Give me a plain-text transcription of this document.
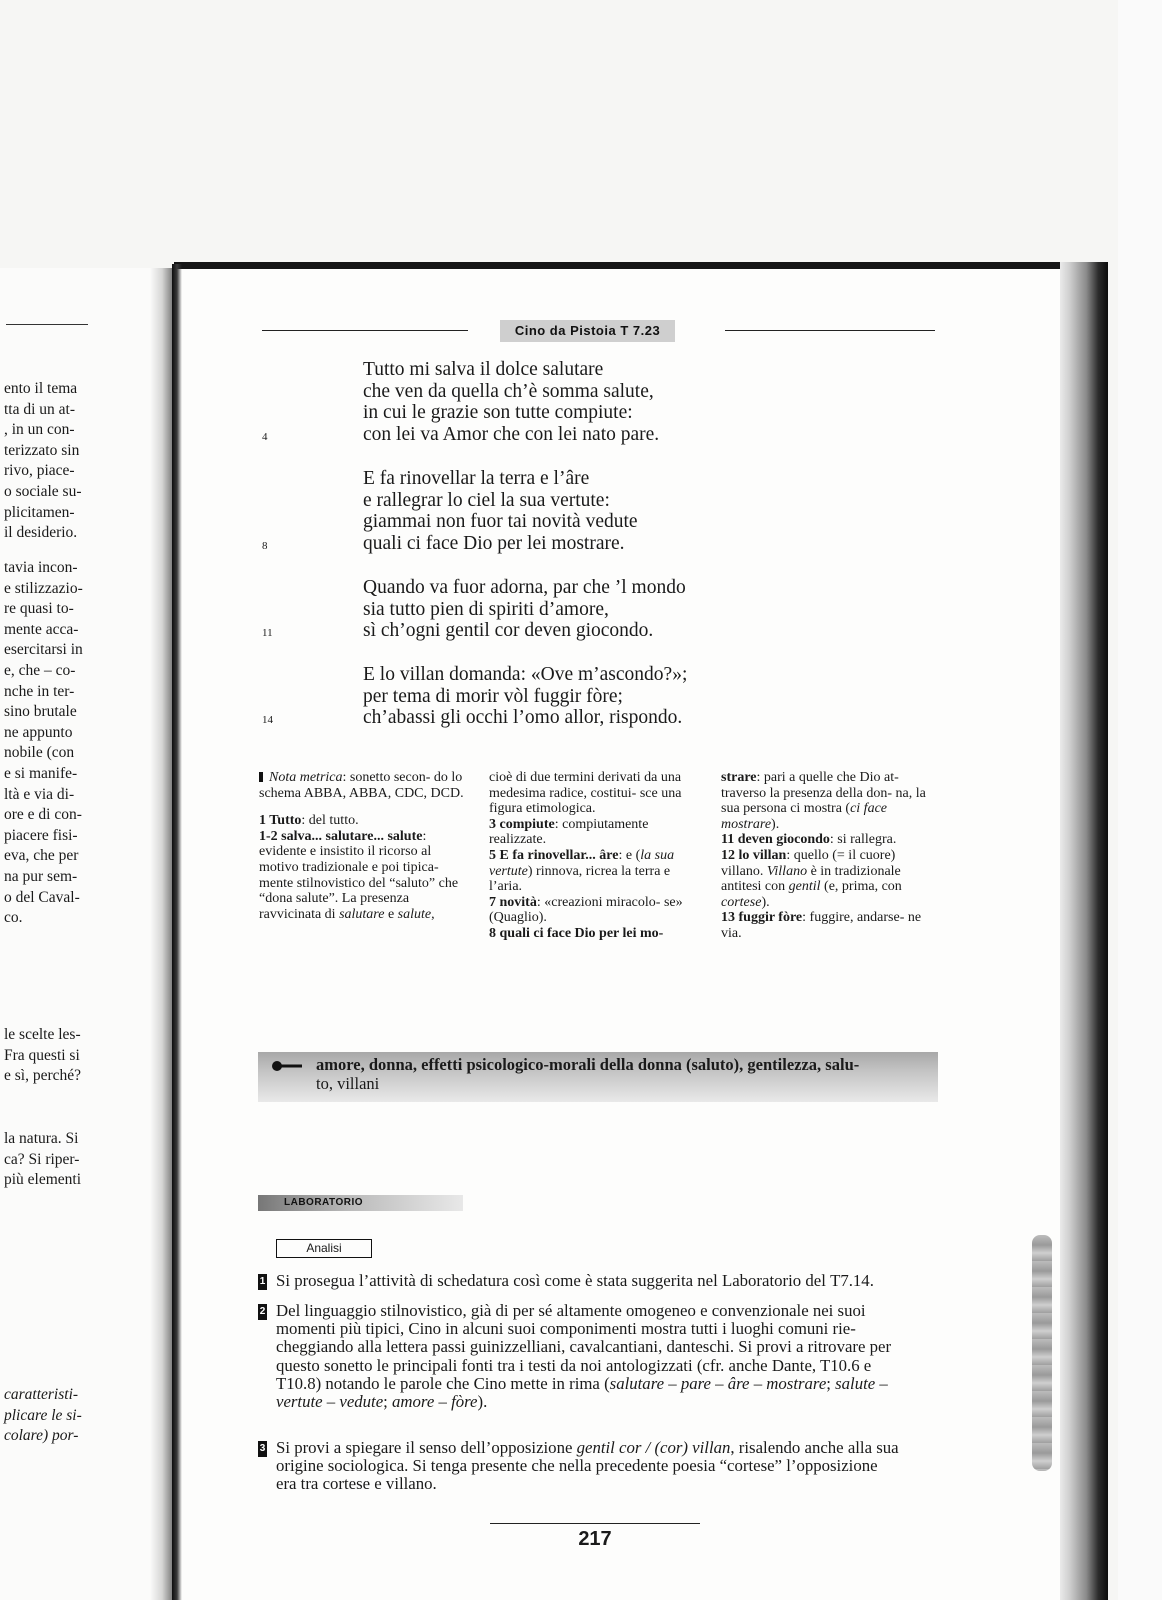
ento il tema
tta di un at-
, in un con-
terizzato sin
rivo, piace-
o sociale su-
plicitamen-
il desiderio.
tavia incon-
e stilizzazio-
re quasi to-
mente acca-
esercitarsi in
e, che – co-
nche in ter-
sino brutale
ne appunto
nobile (con
e si manife-
ltà e via di-
ore e di con-
piacere fisi-
eva, che per
na pur sem-
o del Caval-
co.
le scelte les-
Fra questi si
e sì, perché?
la natura. Si
ca? Si riper-
più elementi
caratteristi-
plicare le si-
colare) por-
Cino da Pistoia T 7.23
Tutto mi salva il dolce salutare
che ven da quella ch’è somma salute,
in cui le grazie son tutte compiute:
con lei va Amor che con lei nato pare.
E fa rinovellar la terra e l’âre
e rallegrar lo ciel la sua vertute:
giammai non fuor tai novità vedute
quali ci face Dio per lei mostrare.
Quando va fuor adorna, par che ’l mondo
sia tutto pien di spiriti d’amore,
sì ch’ogni gentil cor deven giocondo.
E lo villan domanda: «Ove m’ascondo?»;
per tema di morir vòl fuggir fòre;
ch’abassi gli occhi l’omo allor, rispondo.
4
8
11
14

Nota metrica: sonetto secon- do lo schema ABBA, ABBA, CDC, DCD.

1 Tutto: del tutto.

1-2 salva... salutare... salute: evidente e insistito il ricorso al motivo tradizionale e poi tipica- mente stilnovistico del “saluto” che “dona salute”. La presenza ravvicinata di salutare e salute,

cioè di due termini derivati da una medesima radice, costitui- sce una figura etimologica.

3 compiute: compiutamente realizzate.

5 E fa rinovellar... âre: e (la sua vertute) rinnova, ricrea la terra e l’aria.

7 novità: «creazioni miracolo- se» (Quaglio).

8 quali ci face Dio per lei mo-

strare: pari a quelle che Dio at- traverso la presenza della don- na, la sua persona ci mostra (ci face mostrare).

11 deven giocondo: si rallegra.

12 lo villan: quello (= il cuore) villano. Villano è in tradizionale antitesi con gentil (e, prima, con cortese).

13 fuggir fòre: fuggire, andarse- ne via.

amore, donna, effetti psicologico-morali della donna (saluto), gentilezza, salu-
to, villani
LABORATORIO
Analisi
1 Si prosegua l’attività di schedatura così come è stata suggerita nel Laboratorio del T7.14.
2 Del linguaggio stilnovistico, già di per sé altamente omogeneo e convenzionale nei suoi
momenti più tipici, Cino in alcuni suoi componimenti mostra tutti i luoghi comuni rie-
cheggiando alla lettera passi guinizzelliani, cavalcantiani, danteschi. Si provi a ritrovare per
questo sonetto le principali fonti tra i testi da noi antologizzati (cfr. anche Dante, T10.6 e
T10.8) notando le parole che Cino mette in rima (salutare – pare – âre – mostrare; salute –
vertute – vedute; amore – fòre).
3 Si provi a spiegare il senso dell’opposizione gentil cor / (cor) villan, risalendo anche alla sua
origine sociologica. Si tenga presente che nella precedente poesia “cortese” l’opposizione
era tra cortese e villano.
217
